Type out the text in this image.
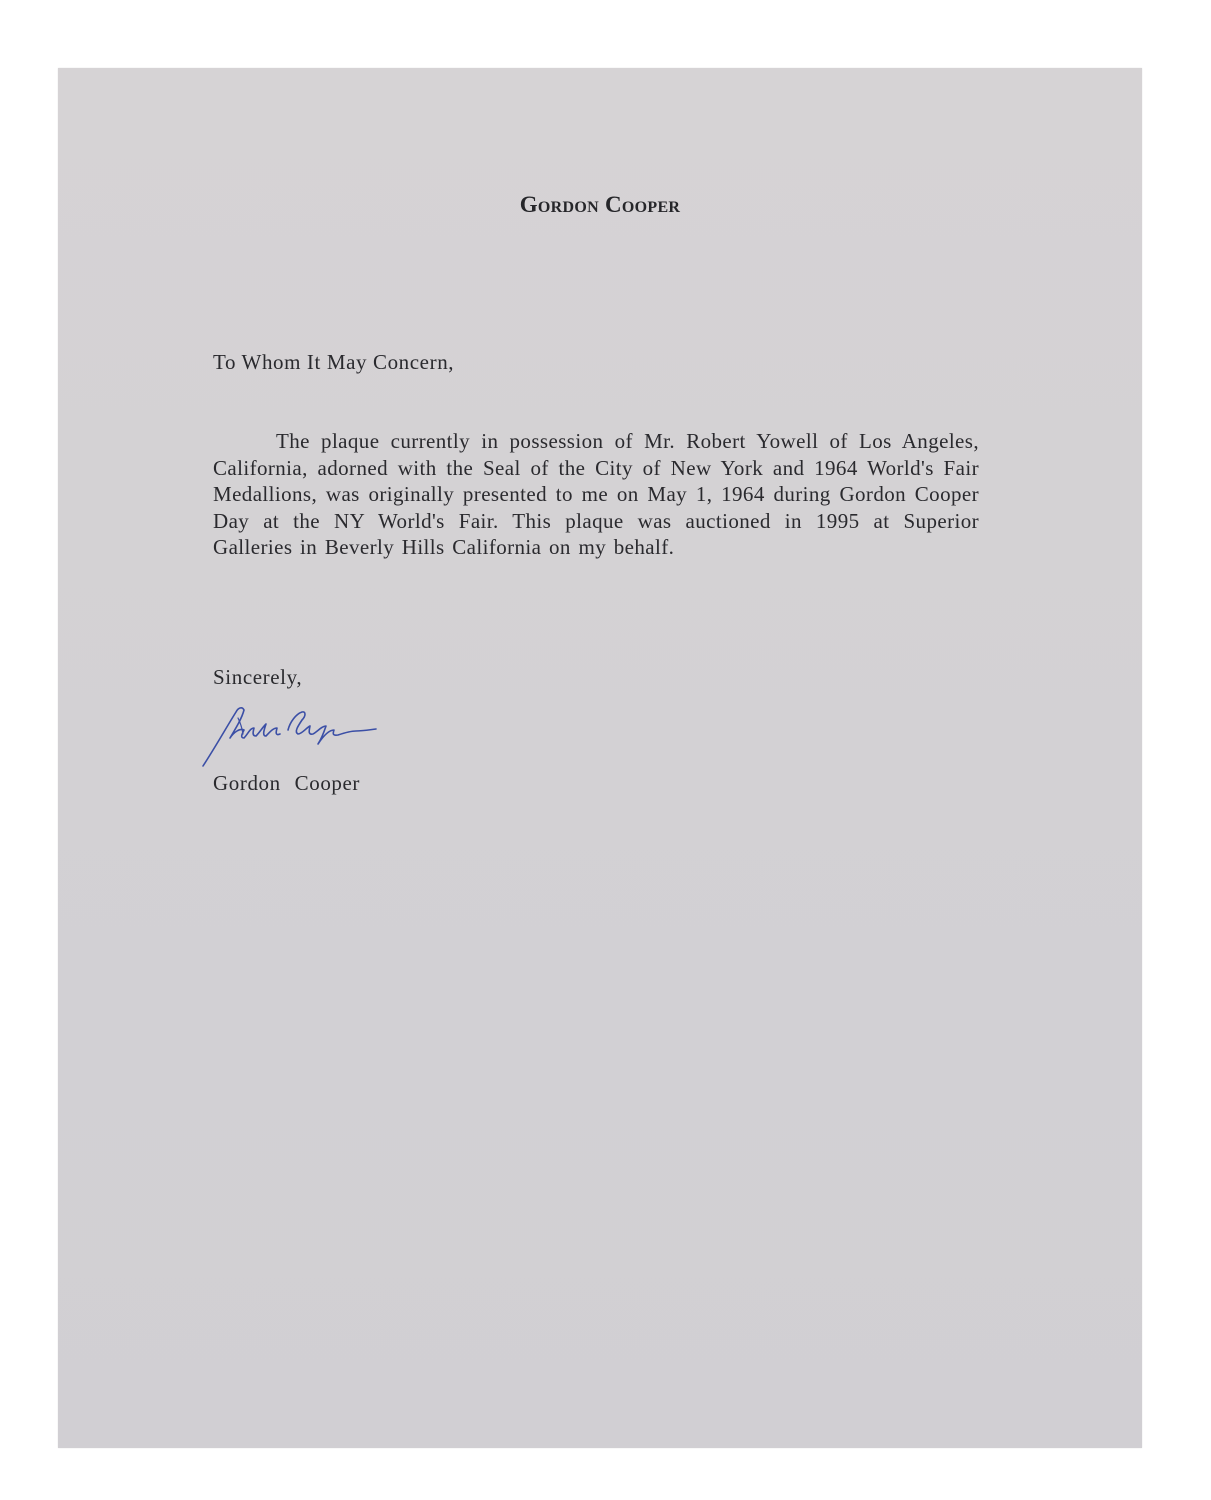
Gordon Cooper
To Whom It May Concern,
The plaque currently in possession of Mr. Robert Yowell of Los Angeles, California, adorned with the Seal of the City of New York and 1964 World's Fair Medallions, was originally presented to me on May 1, 1964 during Gordon Cooper Day at the NY World's Fair. This plaque was auctioned in 1995 at Superior Galleries in Beverly Hills California on my behalf.
Sincerely,
Gordon Cooper
